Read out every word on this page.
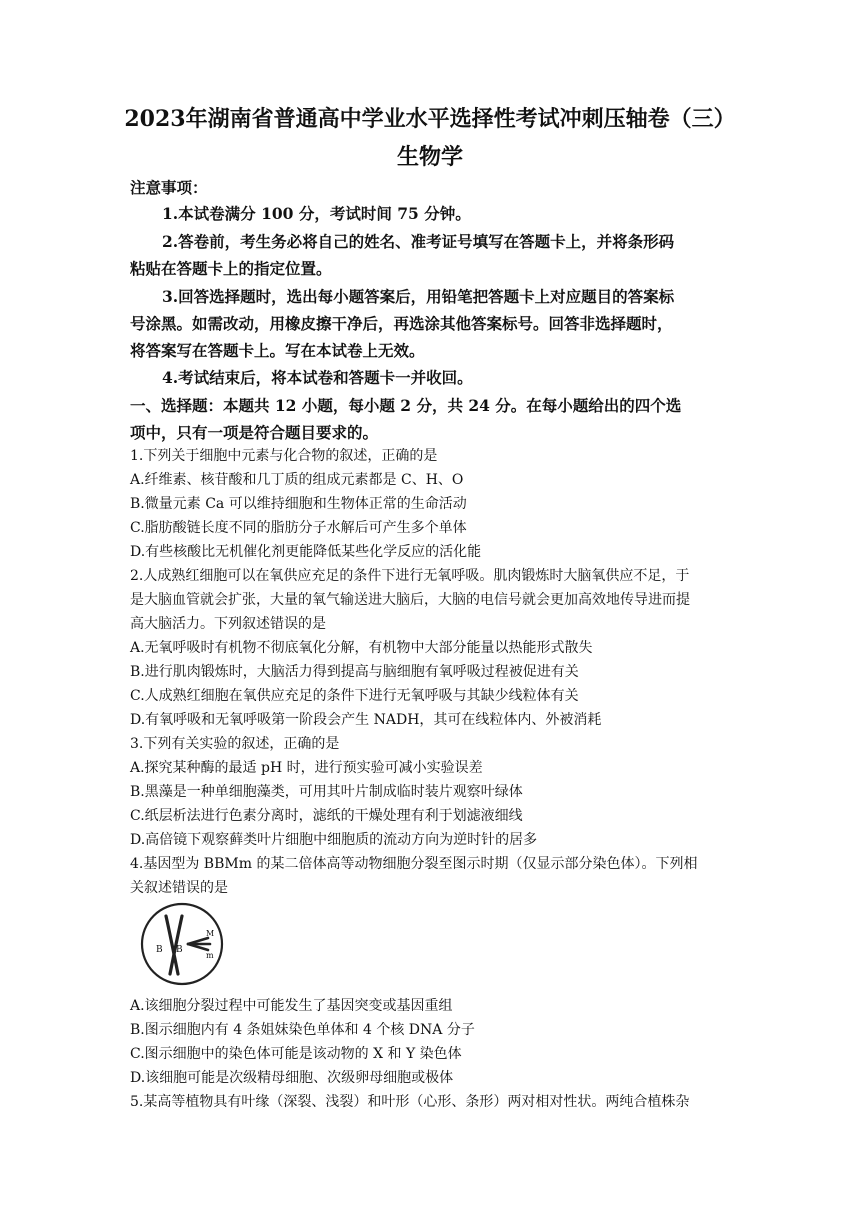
2023年湖南省普通高中学业水平选择性考试冲刺压轴卷（三）
生物学
注意事项：
1.本试卷满分 100 分，考试时间 75 分钟。
2.答卷前，考生务必将自己的姓名、准考证号填写在答题卡上，并将条形码
粘贴在答题卡上的指定位置。
3.回答选择题时，选出每小题答案后，用铅笔把答题卡上对应题目的答案标
号涂黑。如需改动，用橡皮擦干净后，再选涂其他答案标号。回答非选择题时，
将答案写在答题卡上。写在本试卷上无效。
4.考试结束后，将本试卷和答题卡一并收回。
一、选择题：本题共 12 小题，每小题 2 分，共 24 分。在每小题给出的四个选
项中，只有一项是符合题目要求的。
1.下列关于细胞中元素与化合物的叙述，正确的是
A.纤维素、核苷酸和几丁质的组成元素都是 C、H、O
B.微量元素 Ca 可以维持细胞和生物体正常的生命活动
C.脂肪酸链长度不同的脂肪分子水解后可产生多个单体
D.有些核酸比无机催化剂更能降低某些化学反应的活化能
2.人成熟红细胞可以在氧供应充足的条件下进行无氧呼吸。肌肉锻炼时大脑氧供应不足，于
是大脑血管就会扩张，大量的氧气输送进大脑后，大脑的电信号就会更加高效地传导进而提
高大脑活力。下列叙述错误的是
A.无氧呼吸时有机物不彻底氧化分解，有机物中大部分能量以热能形式散失
B.进行肌肉锻炼时，大脑活力得到提高与脑细胞有氧呼吸过程被促进有关
C.人成熟红细胞在氧供应充足的条件下进行无氧呼吸与其缺少线粒体有关
D.有氧呼吸和无氧呼吸第一阶段会产生 NADH，其可在线粒体内、外被消耗
3.下列有关实验的叙述，正确的是
A.探究某种酶的最适 pH 时，进行预实验可减小实验误差
B.黑藻是一种单细胞藻类，可用其叶片制成临时装片观察叶绿体
C.纸层析法进行色素分离时，滤纸的干燥处理有利于划滤液细线
D.高倍镜下观察藓类叶片细胞中细胞质的流动方向为逆时针的居多
4.基因型为 BBMm 的某二倍体高等动物细胞分裂至图示时期（仅显示部分染色体）。下列相
关叙述错误的是
B B
M
m
A.该细胞分裂过程中可能发生了基因突变或基因重组
B.图示细胞内有 4 条姐妹染色单体和 4 个核 DNA 分子
C.图示细胞中的染色体可能是该动物的 X 和 Y 染色体
D.该细胞可能是次级精母细胞、次级卵母细胞或极体
5.某高等植物具有叶缘（深裂、浅裂）和叶形（心形、条形）两对相对性状。两纯合植株杂
